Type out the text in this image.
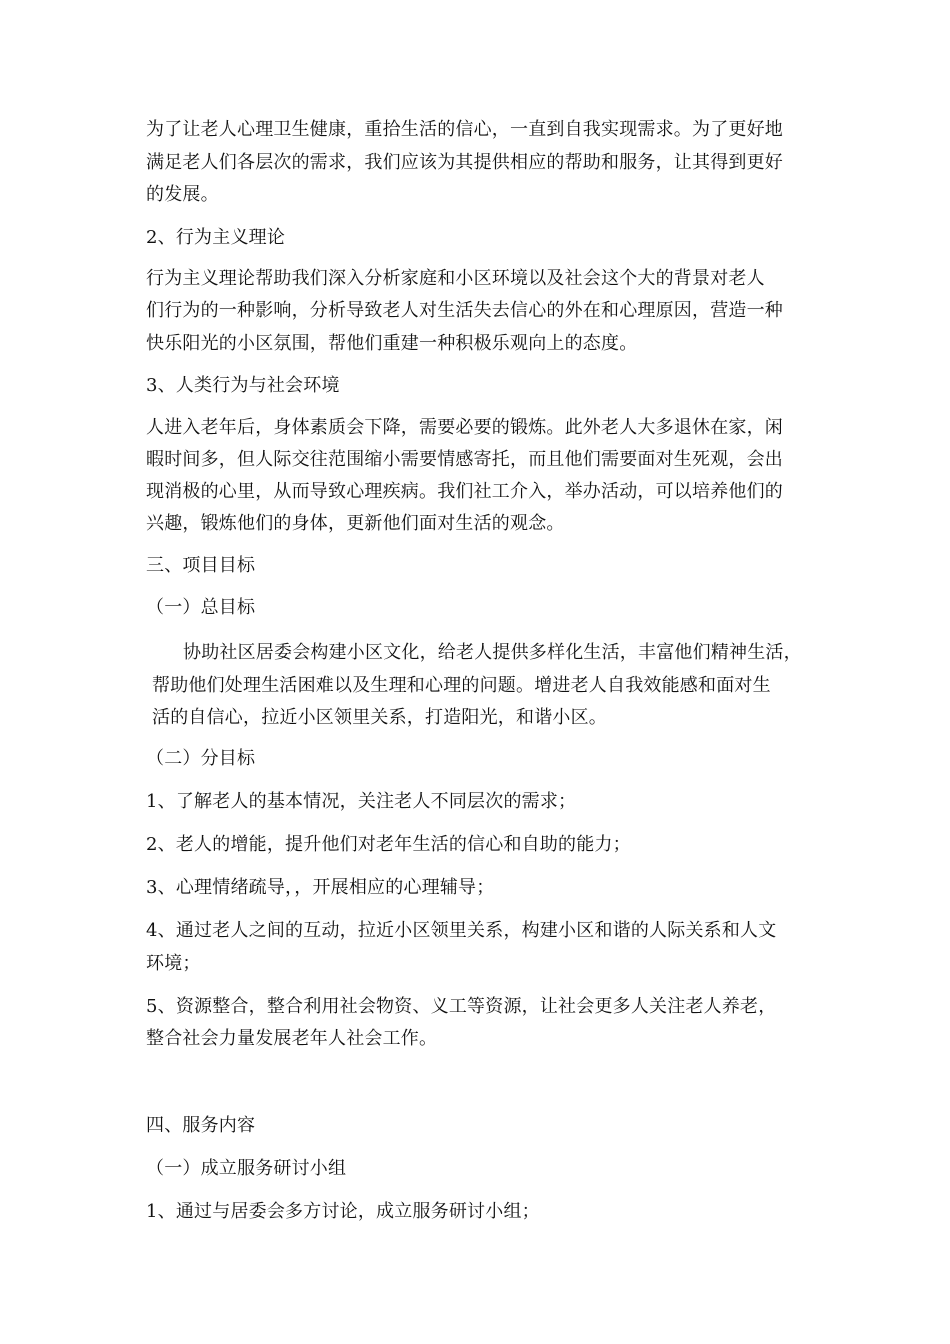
为了让老人心理卫生健康，重拾生活的信心，一直到自我实现需求。为了更好地
满足老人们各层次的需求，我们应该为其提供相应的帮助和服务，让其得到更好
的发展。
2、行为主义理论
行为主义理论帮助我们深入分析家庭和小区环境以及社会这个大的背景对老人
们行为的一种影响，分析导致老人对生活失去信心的外在和心理原因，营造一种
快乐阳光的小区氛围，帮他们重建一种积极乐观向上的态度。
3、人类行为与社会环境
人进入老年后，身体素质会下降，需要必要的锻炼。此外老人大多退休在家，闲
暇时间多，但人际交往范围缩小需要情感寄托，而且他们需要面对生死观，会出
现消极的心里，从而导致心理疾病。我们社工介入，举办活动，可以培养他们的
兴趣，锻炼他们的身体，更新他们面对生活的观念。
三、项目目标
（一）总目标
协助社区居委会构建小区文化，给老人提供多样化生活，丰富他们精神生活，
帮助他们处理生活困难以及生理和心理的问题。增进老人自我效能感和面对生
活的自信心，拉近小区领里关系，打造阳光，和谐小区。
（二）分目标
1、了解老人的基本情况，关注老人不同层次的需求；
2、老人的增能，提升他们对老年生活的信心和自助的能力；
3、心理情绪疏导，，开展相应的心理辅导；
4、通过老人之间的互动，拉近小区领里关系，构建小区和谐的人际关系和人文
环境；
5、资源整合，整合利用社会物资、义工等资源，让社会更多人关注老人养老，
整合社会力量发展老年人社会工作。
四、服务内容
（一）成立服务研讨小组
1、通过与居委会多方讨论，成立服务研讨小组；
